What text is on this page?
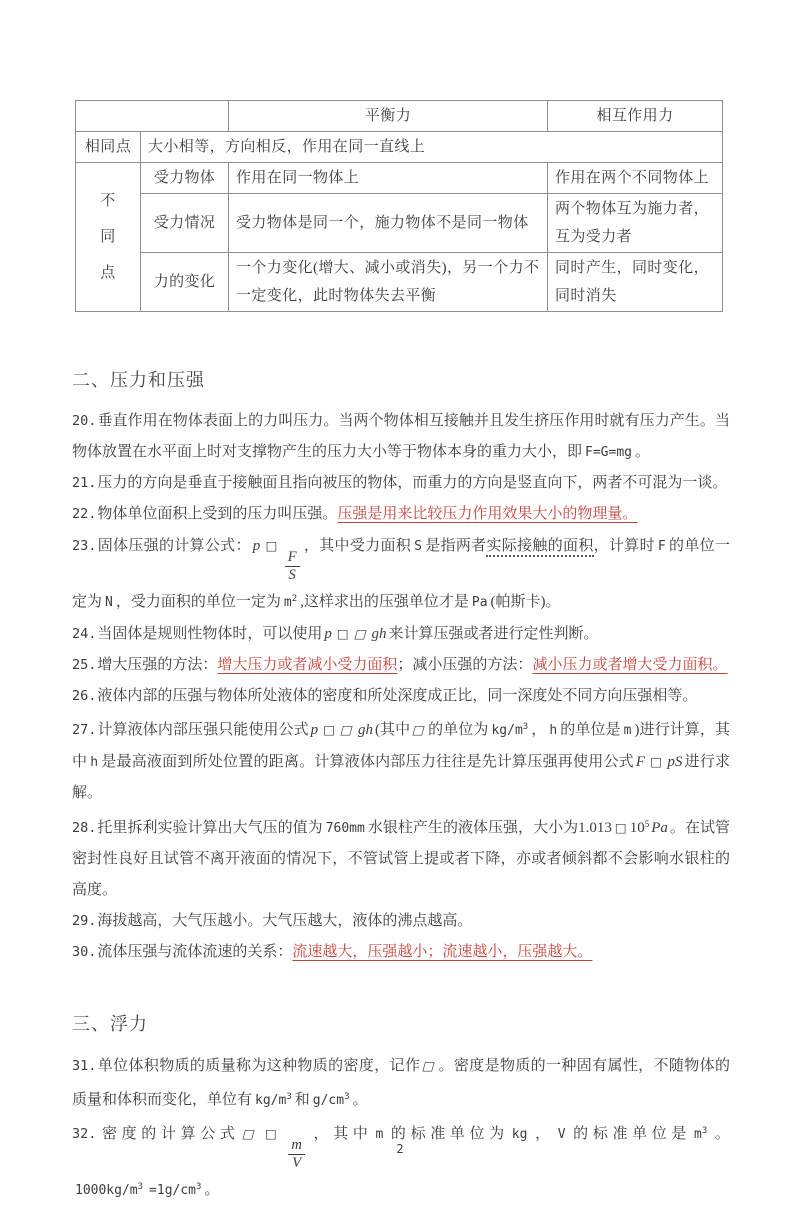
		平衡力	相互作用力
相同点	大小相等，方向相反，作用在同一直线上		

不同点	受力物体	作用在同一物体上	作用在两个不同物体上
	受力情况	受力物体是同一个，施力物体不是同一物体	两个物体互为施力者，互为受力者
	力的变化	一个力变化(增大、减小或消失)，另一个力不一定变化，此时物体失去平衡	同时产生，同时变化，同时消失
二、压力和压强

20.垂直作用在物体表面上的力叫压力。当两个物体相互接触并且发生挤压作用时就有压力产生。当物体放置在水平面上时对支撑物产生的压力大小等于物体本身的重力大小，即 F=G=mg 。

21.压力的方向是垂直于接触面且指向被压的物体，而重力的方向是竖直向下，两者不可混为一谈。

22.物体单位面积上受到的压力叫压强。压强是用来比较压力作用效果大小的物理量。

23.固体压强的计算公式： p □
$\frac{F}{S}$
，其中受力面积 S 是指两者实际接触的面积，计算时 F 的单位一定为 N ，受力面积的单位一定为 $m^2$ ,这样求出的压强单位才是 Pa (帕斯卡)。

24.当固体是规则性物体时，可以使用 p □ □ gh 来计算压强或者进行定性判断。

25.增大压强的方法：增大压力或者减小受力面积；减小压强的方法：减小压力或者增大受力面积。

26.液体内部的压强与物体所处液体的密度和所处深度成正比，同一深度处不同方向压强相等。

27.计算液体内部压强只能使用公式 p □ □ gh (其中□的单位为 $kg/m^3$ ， h 的单位是 m )进行计算，其中 h 是最高液面到所处位置的距离。计算液体内部压力往往是先计算压强再使用公式 F □ pS 进行求解。

28.托里拆利实验计算出大气压的值为 760mm 水银柱产生的液体压强，大小为1.013 □ $10^5$ Pa 。在试管密封性良好且试管不离开液面的情况下，不管试管上提或者下降，亦或者倾斜都不会影响水银柱的高度。

29.海拔越高，大气压越小。大气压越大，液体的沸点越高。

30.流体压强与流体流速的关系：流速越大，压强越小；流速越小，压强越大。

三、浮力

31.单位体积物质的质量称为这种物质的密度，记作□。密度是物质的一种固有属性，不随物体的质量和体积而变化，单位有 $kg/m^3$ 和 $g/cm^3$ 。

32.密度的计算公式□ □
$\frac{m}{V}$
，其中 m 的标准单位为 kg ， V 的标准单位是 $m^3$ 。$1000kg/m^3 =1g/cm^3$ 。

2
